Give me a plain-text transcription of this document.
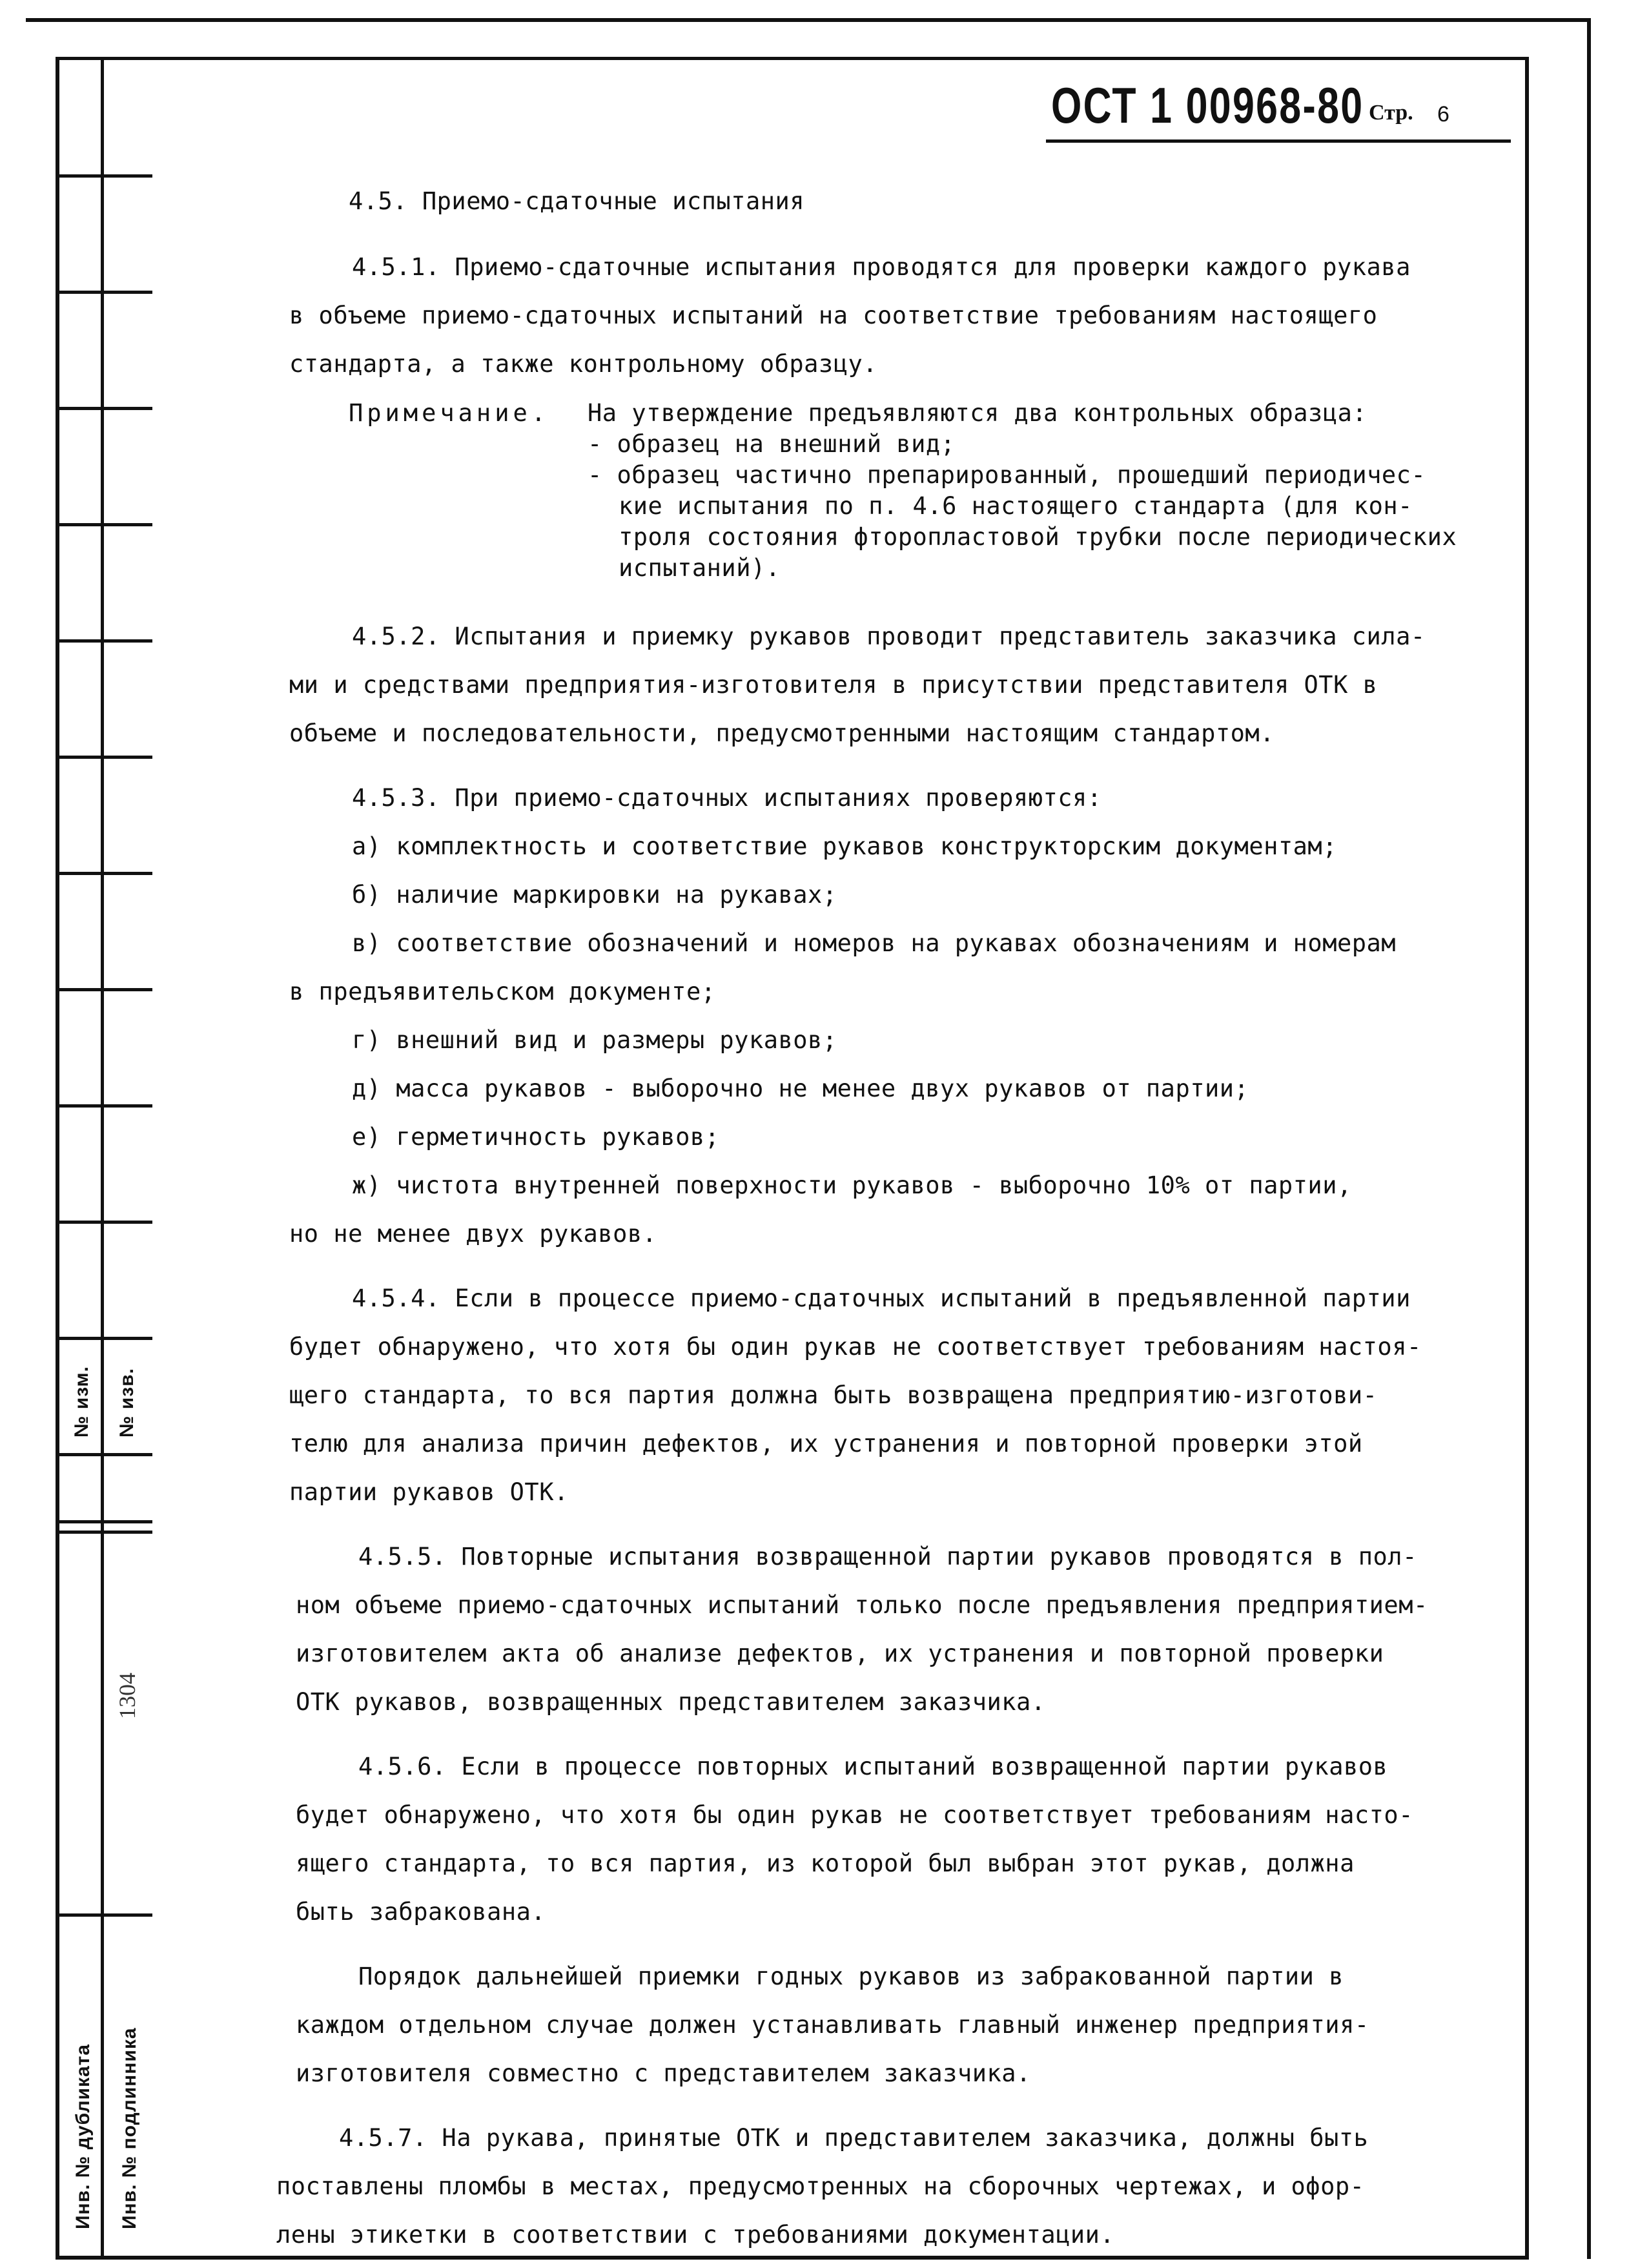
№ изм. № изв.
1304
Инв. № дубликата Инв. № подлинника
ОСТ 1 00968-80 Стр. 6
4.5. Приемо-сдаточные испытания
4.5.1. Приемо-сдаточные испытания проводятся для проверки каждого рукава
в объеме приемо-сдаточных испытаний на соответствие требованиям настоящего
стандарта, а также контрольному образцу.
Примечание. На утверждение предъявляются два контрольных образца:
- образец на внешний вид;
- образец частично препарированный, прошедший периодичес-
кие испытания по п. 4.6 настоящего стандарта (для кон-
троля состояния фторопластовой трубки после периодических
испытаний).
4.5.2. Испытания и приемку рукавов проводит представитель заказчика сила-
ми и средствами предприятия-изготовителя в присутствии представителя ОТК в
объеме и последовательности, предусмотренными настоящим стандартом.
4.5.3. При приемо-сдаточных испытаниях проверяются:
а) комплектность и соответствие рукавов конструкторским документам;
б) наличие маркировки на рукавах;
в) соответствие обозначений и номеров на рукавах обозначениям и номерам
в предъявительском документе;
г) внешний вид и размеры рукавов;
д) масса рукавов - выборочно не менее двух рукавов от партии;
е) герметичность рукавов;
ж) чистота внутренней поверхности рукавов - выборочно 10% от партии,
но не менее двух рукавов.
4.5.4. Если в процессе приемо-сдаточных испытаний в предъявленной партии
будет обнаружено, что хотя бы один рукав не соответствует требованиям настоя-
щего стандарта, то вся партия должна быть возвращена предприятию-изготови-
телю для анализа причин дефектов, их устранения и повторной проверки этой
партии рукавов ОТК.
4.5.5. Повторные испытания возвращенной партии рукавов проводятся в пол-
ном объеме приемо-сдаточных испытаний только после предъявления предприятием-
изготовителем акта об анализе дефектов, их устранения и повторной проверки
ОТК рукавов, возвращенных представителем заказчика.
4.5.6. Если в процессе повторных испытаний возвращенной партии рукавов
будет обнаружено, что хотя бы один рукав не соответствует требованиям насто-
ящего стандарта, то вся партия, из которой был выбран этот рукав, должна
быть забракована.
Порядок дальнейшей приемки годных рукавов из забракованной партии в
каждом отдельном случае должен устанавливать главный инженер предприятия-
изготовителя совместно с представителем заказчика.
4.5.7. На рукава, принятые ОТК и представителем заказчика, должны быть
поставлены пломбы в местах, предусмотренных на сборочных чертежах, и офор-
лены этикетки в соответствии с требованиями документации.
